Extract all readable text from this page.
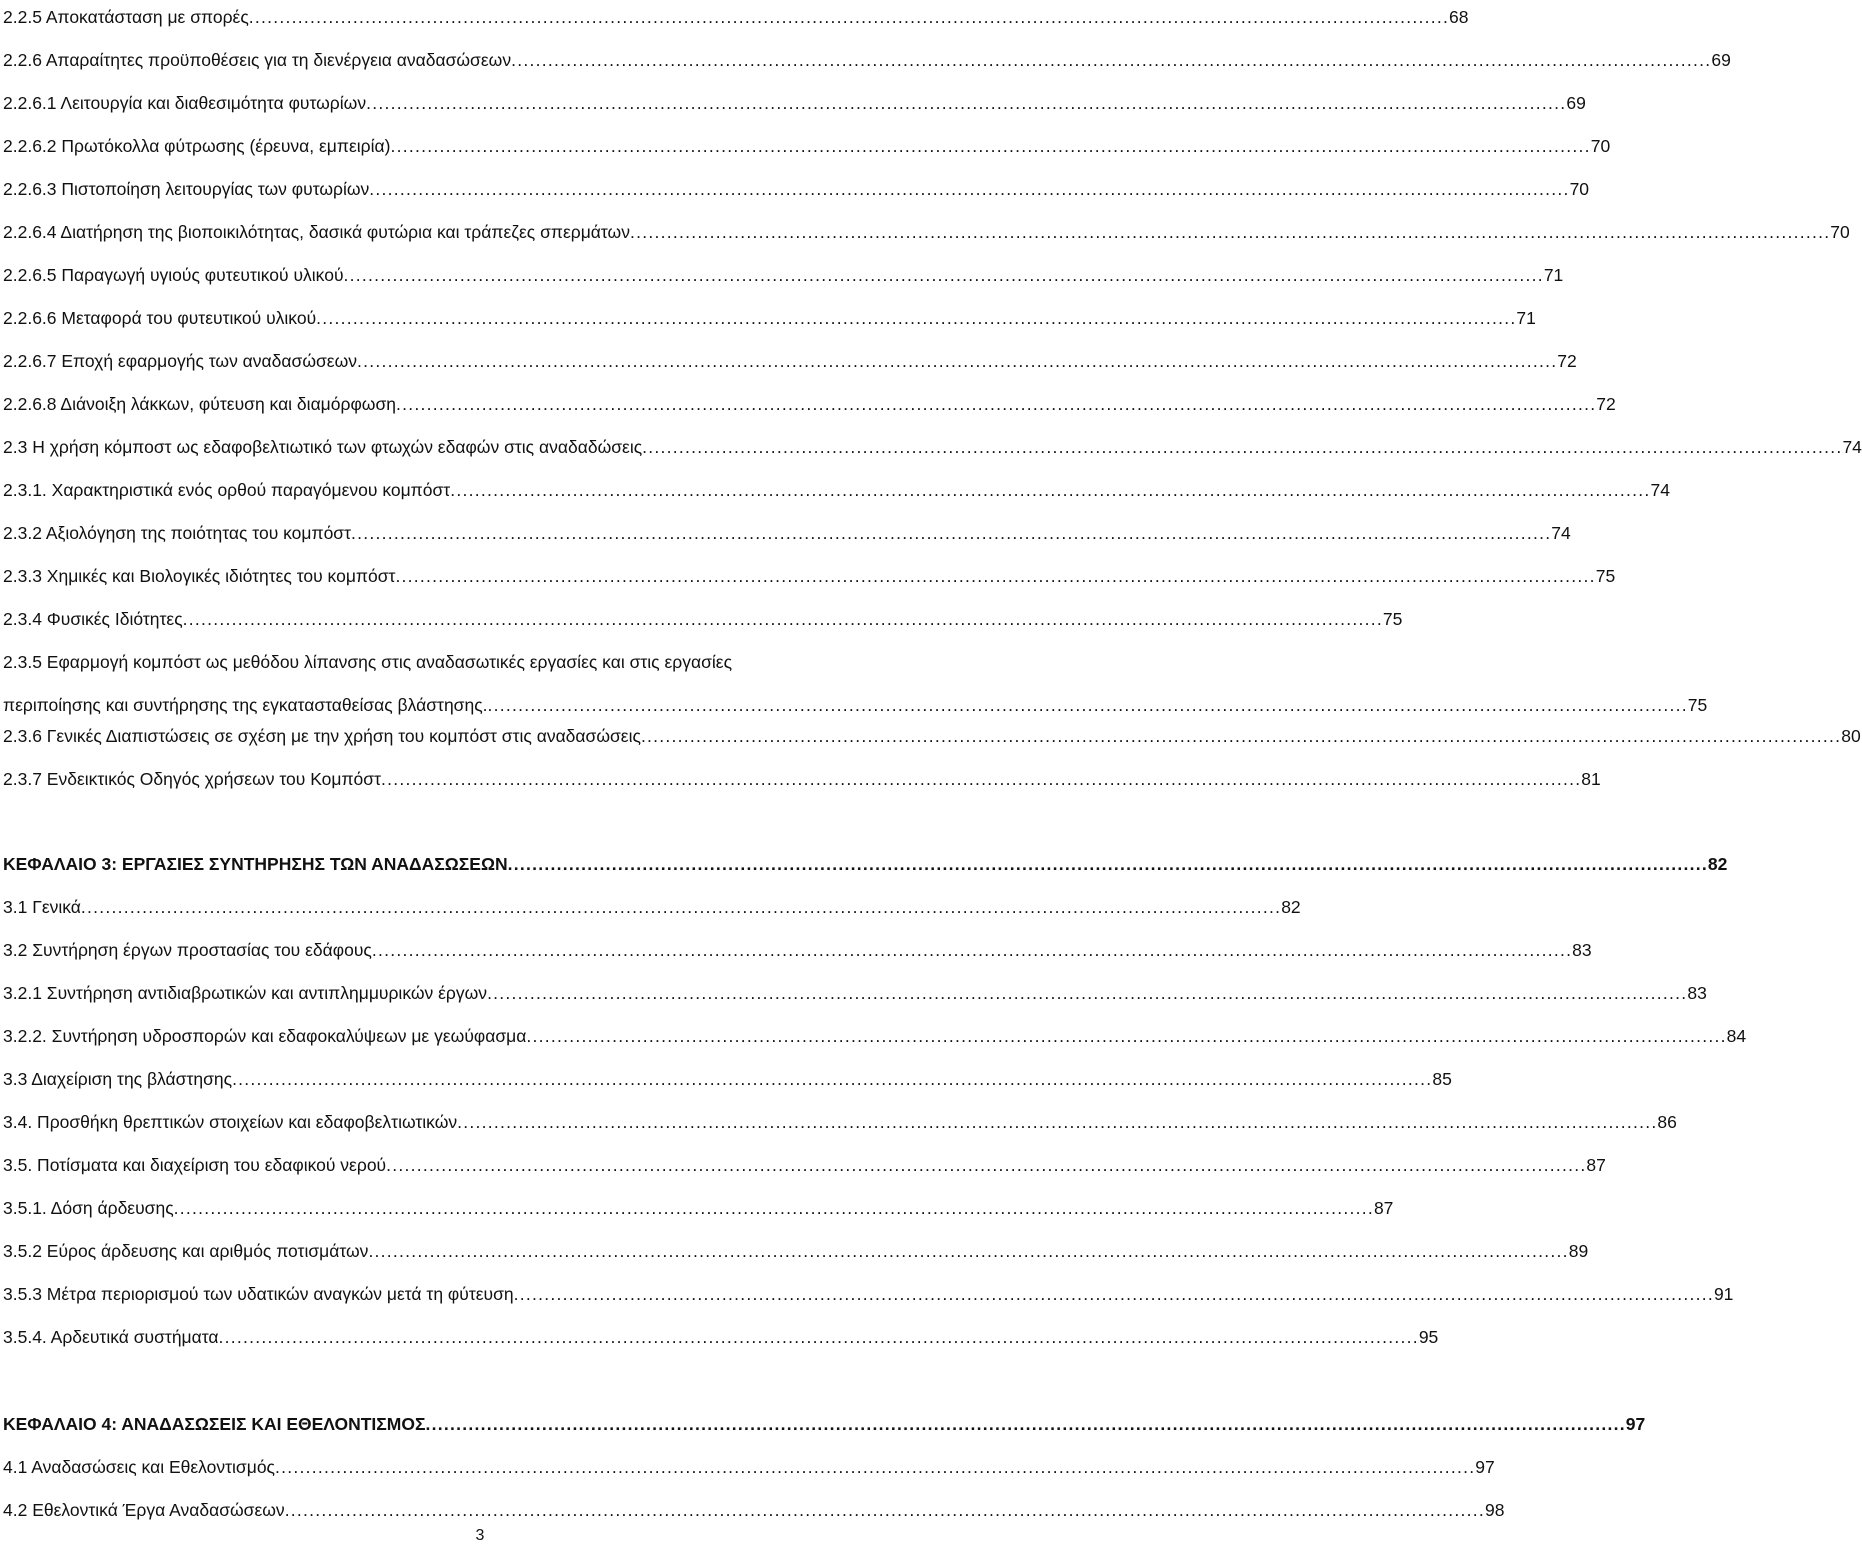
2.2.5 Αποκατάσταση με σπορές . . .	68
2.2.6 Απαραίτητες προϋποθέσεις για τη διενέργεια αναδασώσεων . . .	69
2.2.6.1 Λειτουργία και διαθεσιμότητα φυτωρίων . . .	69
2.2.6.2 Πρωτόκολλα φύτρωσης (έρευνα, εμπειρία) . . .	70
2.2.6.3 Πιστοποίηση λειτουργίας των φυτωρίων . . .	70
2.2.6.4 Διατήρηση της βιοποικιλότητας, δασικά φυτώρια και τράπεζες σπερμάτων . . .	70
2.2.6.5 Παραγωγή υγιούς φυτευτικού υλικού . . .	71
2.2.6.6 Μεταφορά του φυτευτικού υλικού . . .	71
2.2.6.7 Εποχή εφαρμογής των αναδασώσεων . . .	72
2.2.6.8 Διάνοιξη λάκκων, φύτευση και διαμόρφωση . . .	72
2.3 Η χρήση κόμποστ ως εδαφοβελτιωτικό των φτωχών εδαφών στις αναδαδώσεις . . .	74
2.3.1. Χαρακτηριστικά ενός ορθού παραγόμενου κομπόστ . . .	74
2.3.2 Αξιολόγηση της ποιότητας του κομπόστ . . .	74
2.3.3 Χημικές και Βιολογικές ιδιότητες του κομπόστ . . .	75
2.3.4 Φυσικές Ιδιότητες . . .	75
2.3.5 Εφαρμογή κομπόστ ως μεθόδου λίπανσης στις αναδασωτικές εργασίες και στις εργασίες
περιποίησης και συντήρησης της εγκατασταθείσας βλάστησης. . . .	75
2.3.6 Γενικές Διαπιστώσεις σε σχέση με την χρήση του κομπόστ στις αναδασώσεις . . .	80
2.3.7 Ενδεικτικός Οδηγός χρήσεων του Κομπόστ . . .	81
ΚΕΦΑΛΑΙΟ 3: ΕΡΓΑΣΙΕΣ ΣΥΝΤΗΡΗΣΗΣ ΤΩΝ ΑΝΑΔΑΣΩΣΕΩΝ . . .	82
3.1 Γενικά . . .	82
3.2 Συντήρηση έργων προστασίας του εδάφους . . .	83
3.2.1 Συντήρηση αντιδιαβρωτικών και αντιπλημμυρικών έργων . . .	83
3.2.2. Συντήρηση υδροσπορών και εδαφοκαλύψεων με γεωύφασμα . . .	84
3.3 Διαχείριση της βλάστησης . . .	85
3.4. Προσθήκη θρεπτικών στοιχείων και εδαφοβελτιωτικών . . .	86
3.5. Ποτίσματα και διαχείριση του εδαφικού νερού . . .	87
3.5.1. Δόση άρδευσης . . .	87
3.5.2 Εύρος άρδευσης και αριθμός ποτισμάτων . . .	89
3.5.3 Μέτρα περιορισμού των υδατικών αναγκών μετά τη φύτευση . . .	91
3.5.4. Αρδευτικά συστήματα . . .	95
ΚΕΦΑΛΑΙΟ 4: ΑΝΑΔΑΣΩΣΕΙΣ ΚΑΙ ΕΘΕΛΟΝΤΙΣΜΟΣ . . .	97
4.1 Αναδασώσεις και Εθελοντισμός . . .	97
4.2 Εθελοντικά Έργα Αναδασώσεων . . .	98
3
